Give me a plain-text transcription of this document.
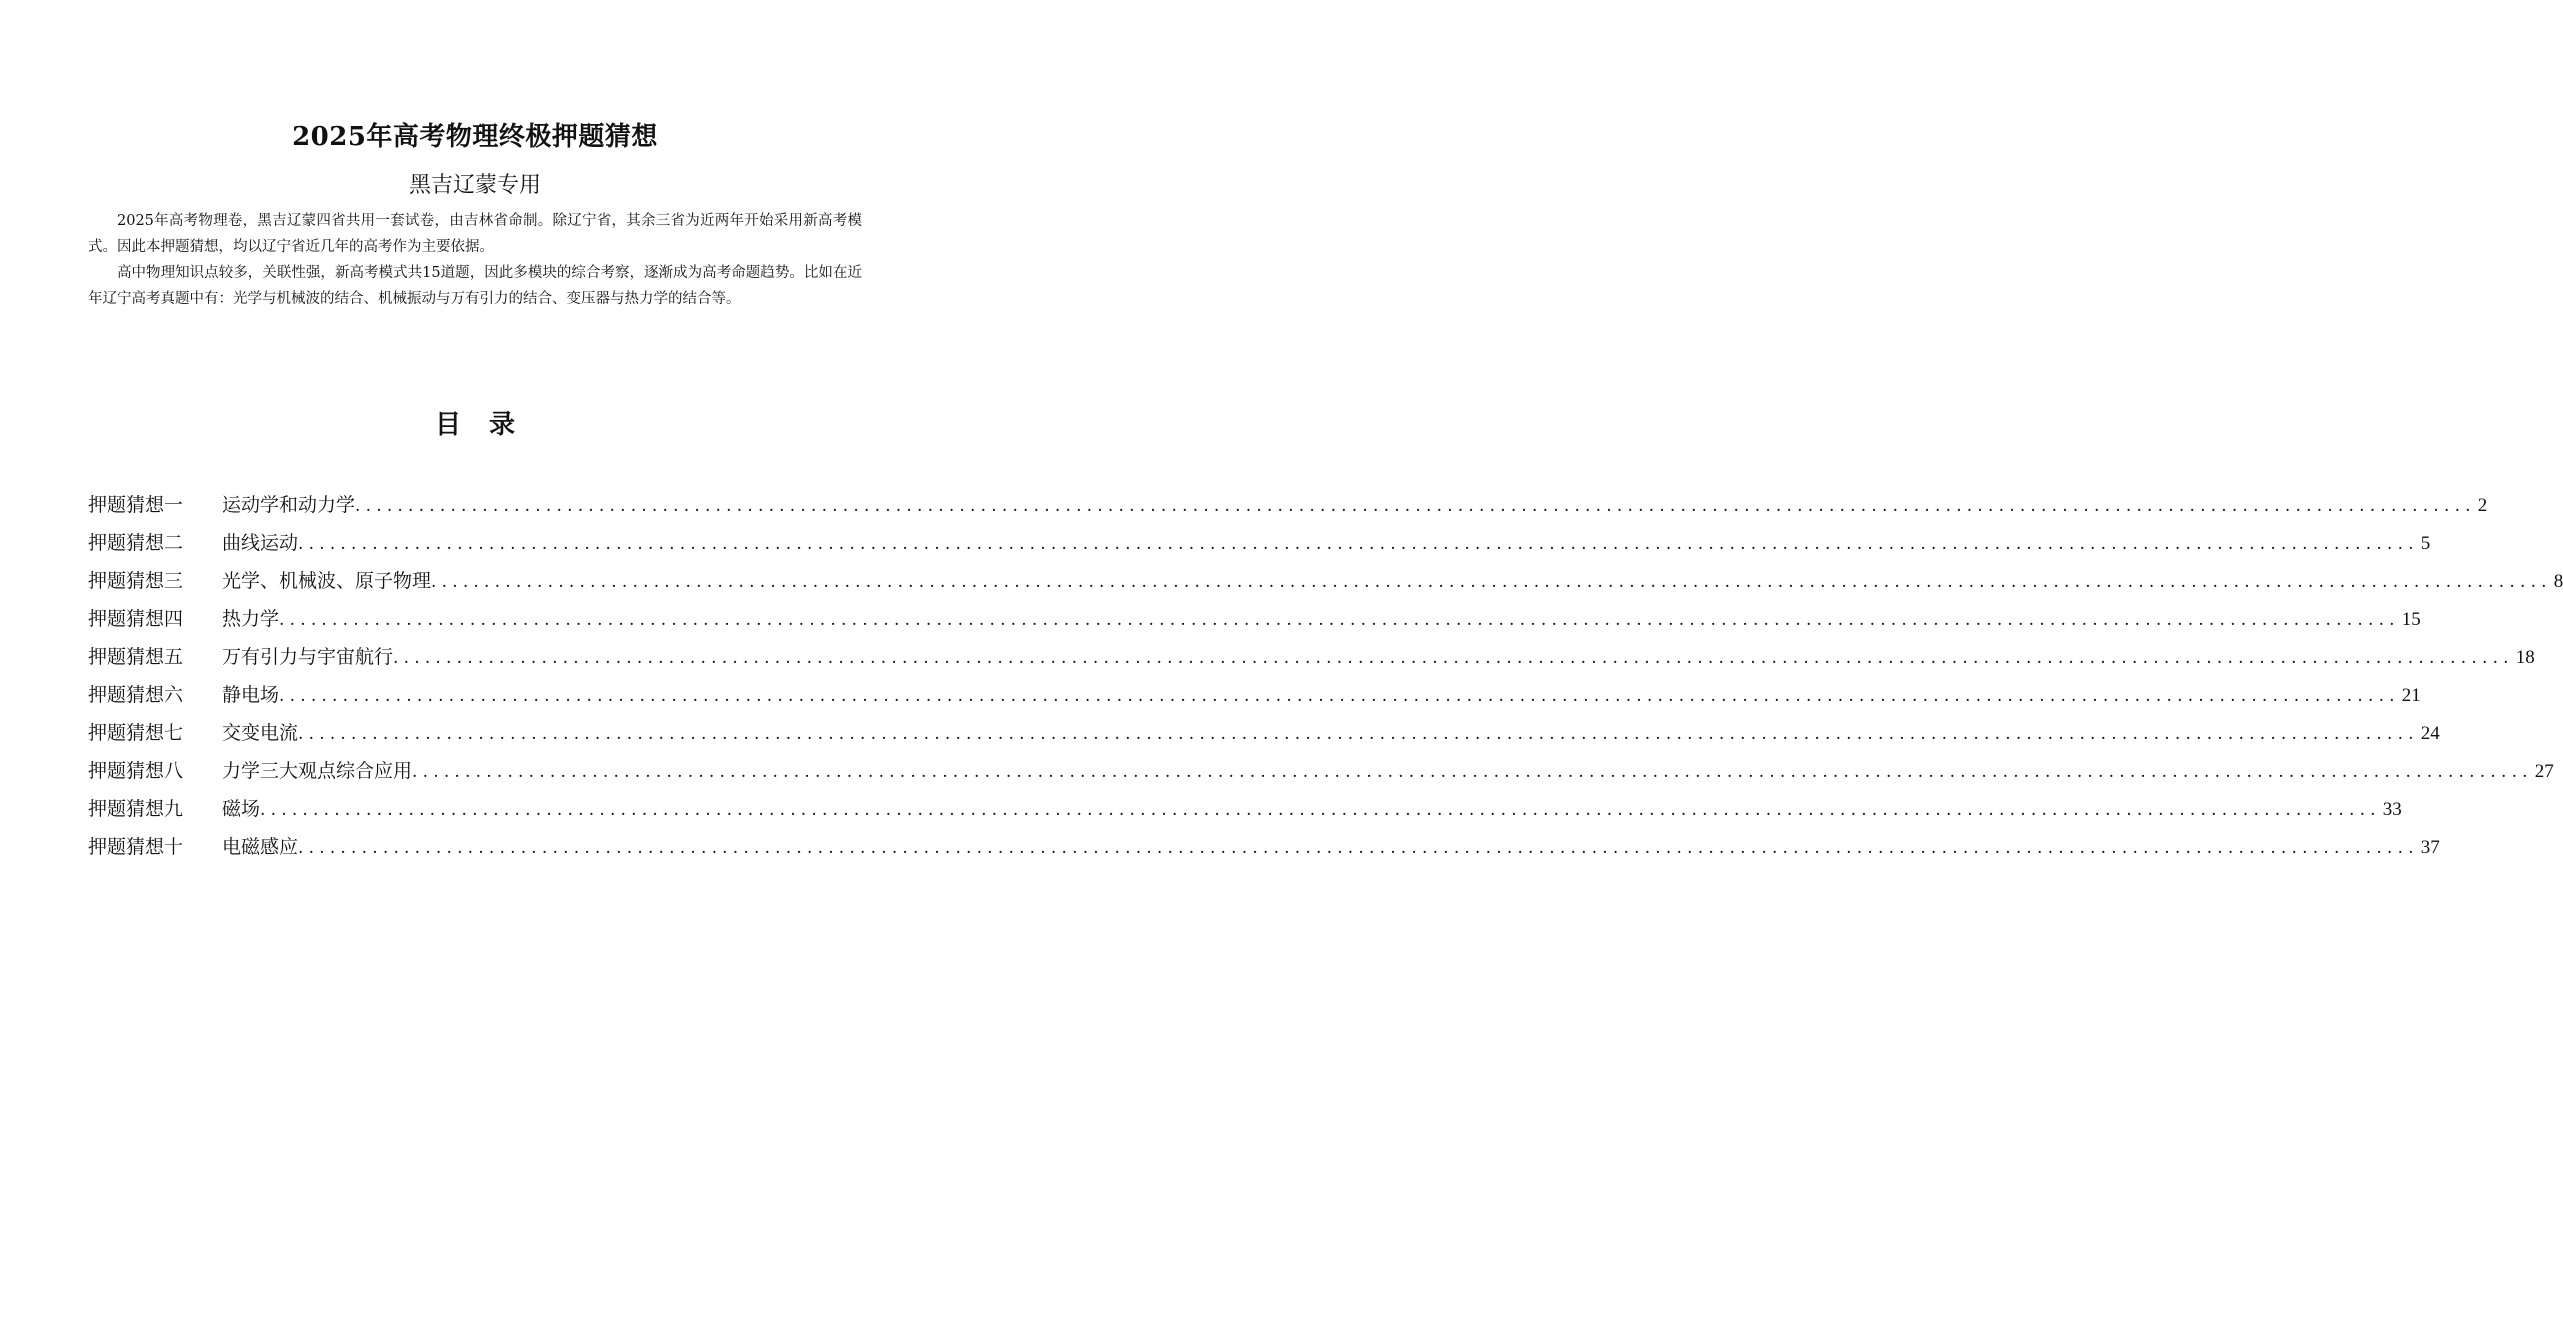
2025年高考物理终极押题猜想
黑吉辽蒙专用

2025年高考物理卷，黑吉辽蒙四省共用一套试卷，由吉林省命制。除辽宁省，其余三省为近两年开始采用新高考模式。因此本押题猜想，均以辽宁省近几年的高考作为主要依据。

高中物理知识点较多，关联性强，新高考模式共15道题，因此多模块的综合考察，逐渐成为高考命题趋势。比如在近年辽宁高考真题中有：光学与机械波的结合、机械振动与万有引力的结合、变压器与热力学的结合等。

目录
押题猜想一	运动学和动力学 ........................................................................................................................................................................................................ 2
押题猜想二	曲线运动 ........................................................................................................................................................................................................ 5
押题猜想三	光学、机械波、原子物理 ........................................................................................................................................................................................................ 8
押题猜想四	热力学 ........................................................................................................................................................................................................ 15
押题猜想五	万有引力与宇宙航行 ........................................................................................................................................................................................................ 18
押题猜想六	静电场 ........................................................................................................................................................................................................ 21
押题猜想七	交变电流 ........................................................................................................................................................................................................ 24
押题猜想八	力学三大观点综合应用 ........................................................................................................................................................................................................ 27
押题猜想九	磁场 ........................................................................................................................................................................................................ 33
押题猜想十	电磁感应 ........................................................................................................................................................................................................ 37
